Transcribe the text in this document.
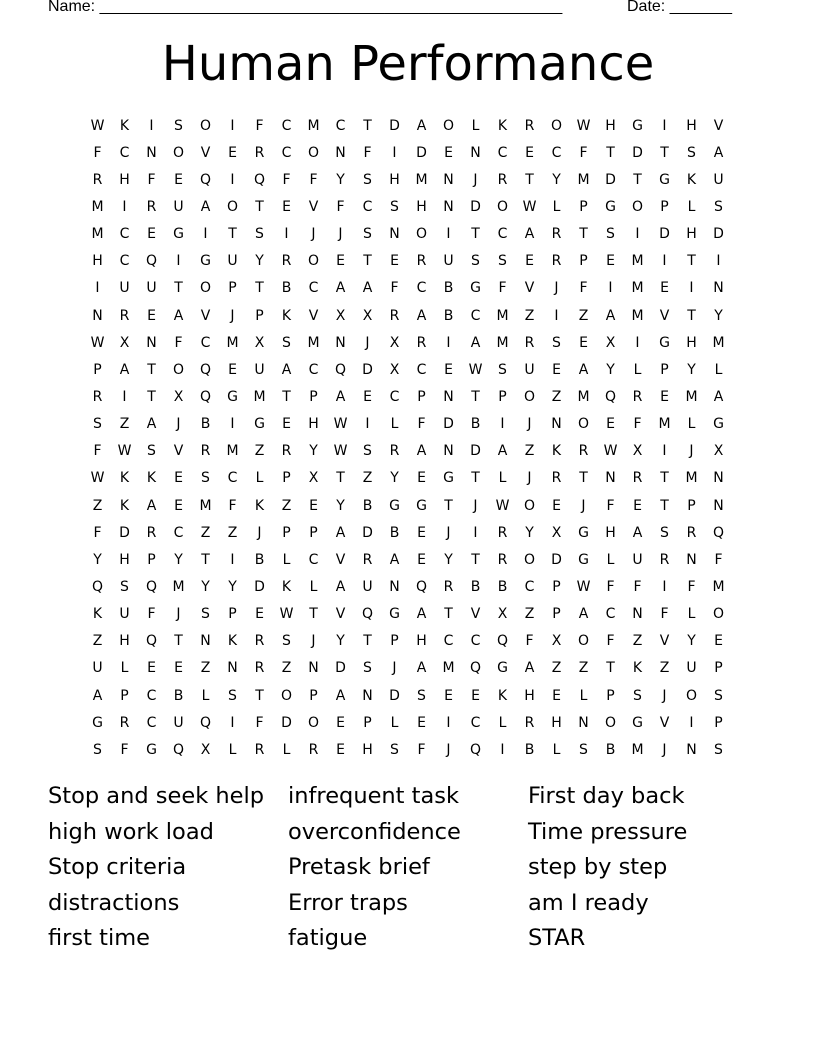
Name: ____________________________________________________	Date: _______
Human Performance
W	K	I	S	O	I	F	C	M	C	T	D	A	O	L	K	R	O	W	H	G	I	H	V
F	C	N	O	V	E	R	C	O	N	F	I	D	E	N	C	E	C	F	T	D	T	S	A
R	H	F	E	Q	I	Q	F	F	Y	S	H	M	N	J	R	T	Y	M	D	T	G	K	U
M	I	R	U	A	O	T	E	V	F	C	S	H	N	D	O	W	L	P	G	O	P	L	S
M	C	E	G	I	T	S	I	J	J	S	N	O	I	T	C	A	R	T	S	I	D	H	D
H	C	Q	I	G	U	Y	R	O	E	T	E	R	U	S	S	E	R	P	E	M	I	T	I
I	U	U	T	O	P	T	B	C	A	A	F	C	B	G	F	V	J	F	I	M	E	I	N
N	R	E	A	V	J	P	K	V	X	X	R	A	B	C	M	Z	I	Z	A	M	V	T	Y
W	X	N	F	C	M	X	S	M	N	J	X	R	I	A	M	R	S	E	X	I	G	H	M
P	A	T	O	Q	E	U	A	C	Q	D	X	C	E	W	S	U	E	A	Y	L	P	Y	L
R	I	T	X	Q	G	M	T	P	A	E	C	P	N	T	P	O	Z	M	Q	R	E	M	A
S	Z	A	J	B	I	G	E	H	W	I	L	F	D	B	I	J	N	O	E	F	M	L	G
F	W	S	V	R	M	Z	R	Y	W	S	R	A	N	D	A	Z	K	R	W	X	I	J	X
W	K	K	E	S	C	L	P	X	T	Z	Y	E	G	T	L	J	R	T	N	R	T	M	N
Z	K	A	E	M	F	K	Z	E	Y	B	G	G	T	J	W	O	E	J	F	E	T	P	N
F	D	R	C	Z	Z	J	P	P	A	D	B	E	J	I	R	Y	X	G	H	A	S	R	Q
Y	H	P	Y	T	I	B	L	C	V	R	A	E	Y	T	R	O	D	G	L	U	R	N	F
Q	S	Q	M	Y	Y	D	K	L	A	U	N	Q	R	B	B	C	P	W	F	F	I	F	M
K	U	F	J	S	P	E	W	T	V	Q	G	A	T	V	X	Z	P	A	C	N	F	L	O
Z	H	Q	T	N	K	R	S	J	Y	T	P	H	C	C	Q	F	X	O	F	Z	V	Y	E
U	L	E	E	Z	N	R	Z	N	D	S	J	A	M	Q	G	A	Z	Z	T	K	Z	U	P
A	P	C	B	L	S	T	O	P	A	N	D	S	E	E	K	H	E	L	P	S	J	O	S
G	R	C	U	Q	I	F	D	O	E	P	L	E	I	C	L	R	H	N	O	G	V	I	P
S	F	G	Q	X	L	R	L	R	E	H	S	F	J	Q	I	B	L	S	B	M	J	N	S
Stop and seek help	infrequent task	First day back
high work load	overconfidence	Time pressure
Stop criteria	Pretask brief	step by step
distractions	Error traps	am I ready
first time	fatigue	STAR
